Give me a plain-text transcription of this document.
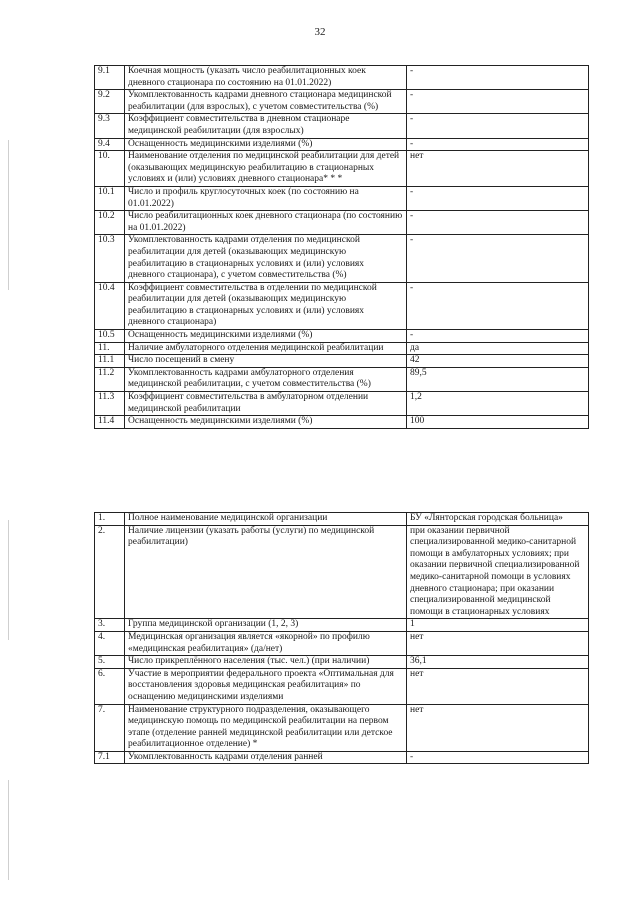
32
9.1	Коечная мощность (указать число реабилитационных коек дневного стационара по состоянию на 01.01.2022)	-
9.2	Укомплектованность кадрами дневного стационара медицинской реабилитации (для взрослых), с учетом совместительства (%)	-
9.3	Коэффициент совместительства в дневном стационаре медицинской реабилитации (для взрослых)	-
9.4	Оснащенность медицинскими изделиями (%)	-
10.	Наименование отделения по медицинской реабилитации для детей (оказывающих медицинскую реабилитацию в стационарных условиях и (или) условиях дневного стационара* * *	нет
10.1	Число и профиль круглосуточных коек (по состоянию на 01.01.2022)	-
10.2	Число реабилитационных коек дневного стационара (по состоянию на 01.01.2022)	-
10.3	Укомплектованность кадрами отделения по медицинской реабилитации для детей (оказывающих медицинскую реабилитацию в стационарных условиях и (или) условиях дневного стационара), с учетом совместительства (%)	-
10.4	Коэффициент совместительства в отделении по медицинской реабилитации для детей (оказывающих медицинскую реабилитацию в стационарных условиях и (или) условиях дневного стационара)	-
10.5	Оснащенность медицинскими изделиями (%)	-
11.	Наличие амбулаторного отделения медицинской реабилитации	да
11.1	Число посещений в смену	42
11.2	Укомплектованность кадрами амбулаторного отделения медицинской реабилитации, с учетом совместительства (%)	89,5
11.3	Коэффициент совместительства в амбулаторном отделении медицинской реабилитации	1,2
11.4	Оснащенность медицинскими изделиями (%)	100
1.	Полное наименование медицинской организации	БУ «Лянторская городская больница»
2.	Наличие лицензии (указать работы (услуги) по медицинской реабилитации)	при оказании первичной специализированной медико-санитарной помощи в амбулаторных условиях; при оказании первичной специализированной медико-санитарной помощи в условиях дневного стационара; при оказании специализированной медицинской помощи в стационарных условиях
3.	Группа медицинской организации (1, 2, 3)	1
4.	Медицинская организация является «якорной» по профилю «медицинская реабилитация» (да/нет)	нет
5.	Число прикреплённого населения (тыс. чел.) (при наличии)	36,1
6.	Участие в мероприятии федерального проекта «Оптимальная для восстановления здоровья медицинская реабилитация» по оснащению медицинскими изделиями	нет
7.	Наименование структурного подразделения, оказывающего медицинскую помощь по медицинской реабилитации на первом этапе (отделение ранней медицинской реабилитации или детское реабилитационное отделение) *	нет
7.1	Укомплектованность кадрами отделения ранней	-
